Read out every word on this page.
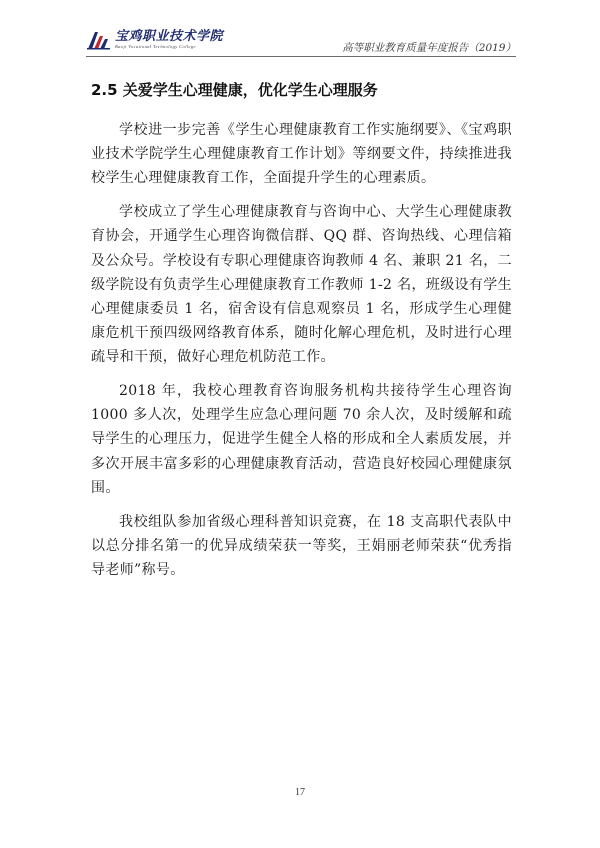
宝鸡职业技术学院
Baoji Vocational Technology College	高等职业教育质量年度报告（2019）
2.5 关爱学生心理健康，优化学生心理服务

学校进一步完善《学生心理健康教育工作实施纲要》、《宝鸡职业技术学院学生心理健康教育工作计划》等纲要文件，持续推进我校学生心理健康教育工作，全面提升学生的心理素质。

学校成立了学生心理健康教育与咨询中心、大学生心理健康教育协会，开通学生心理咨询微信群、QQ 群、咨询热线、心理信箱及公众号。学校设有专职心理健康咨询教师 4 名、兼职 21 名，二级学院设有负责学生心理健康教育工作教师 1-2 名，班级设有学生心理健康委员 1 名，宿舍设有信息观察员 1 名，形成学生心理健康危机干预四级网络教育体系，随时化解心理危机，及时进行心理疏导和干预，做好心理危机防范工作。

2018 年，我校心理教育咨询服务机构共接待学生心理咨询 1000 多人次，处理学生应急心理问题 70 余人次，及时缓解和疏导学生的心理压力，促进学生健全人格的形成和全人素质发展，并多次开展丰富多彩的心理健康教育活动，营造良好校园心理健康氛围。

我校组队参加省级心理科普知识竞赛，在 18 支高职代表队中以总分排名第一的优异成绩荣获一等奖，王娟丽老师荣获“优秀指导老师”称号。

17
